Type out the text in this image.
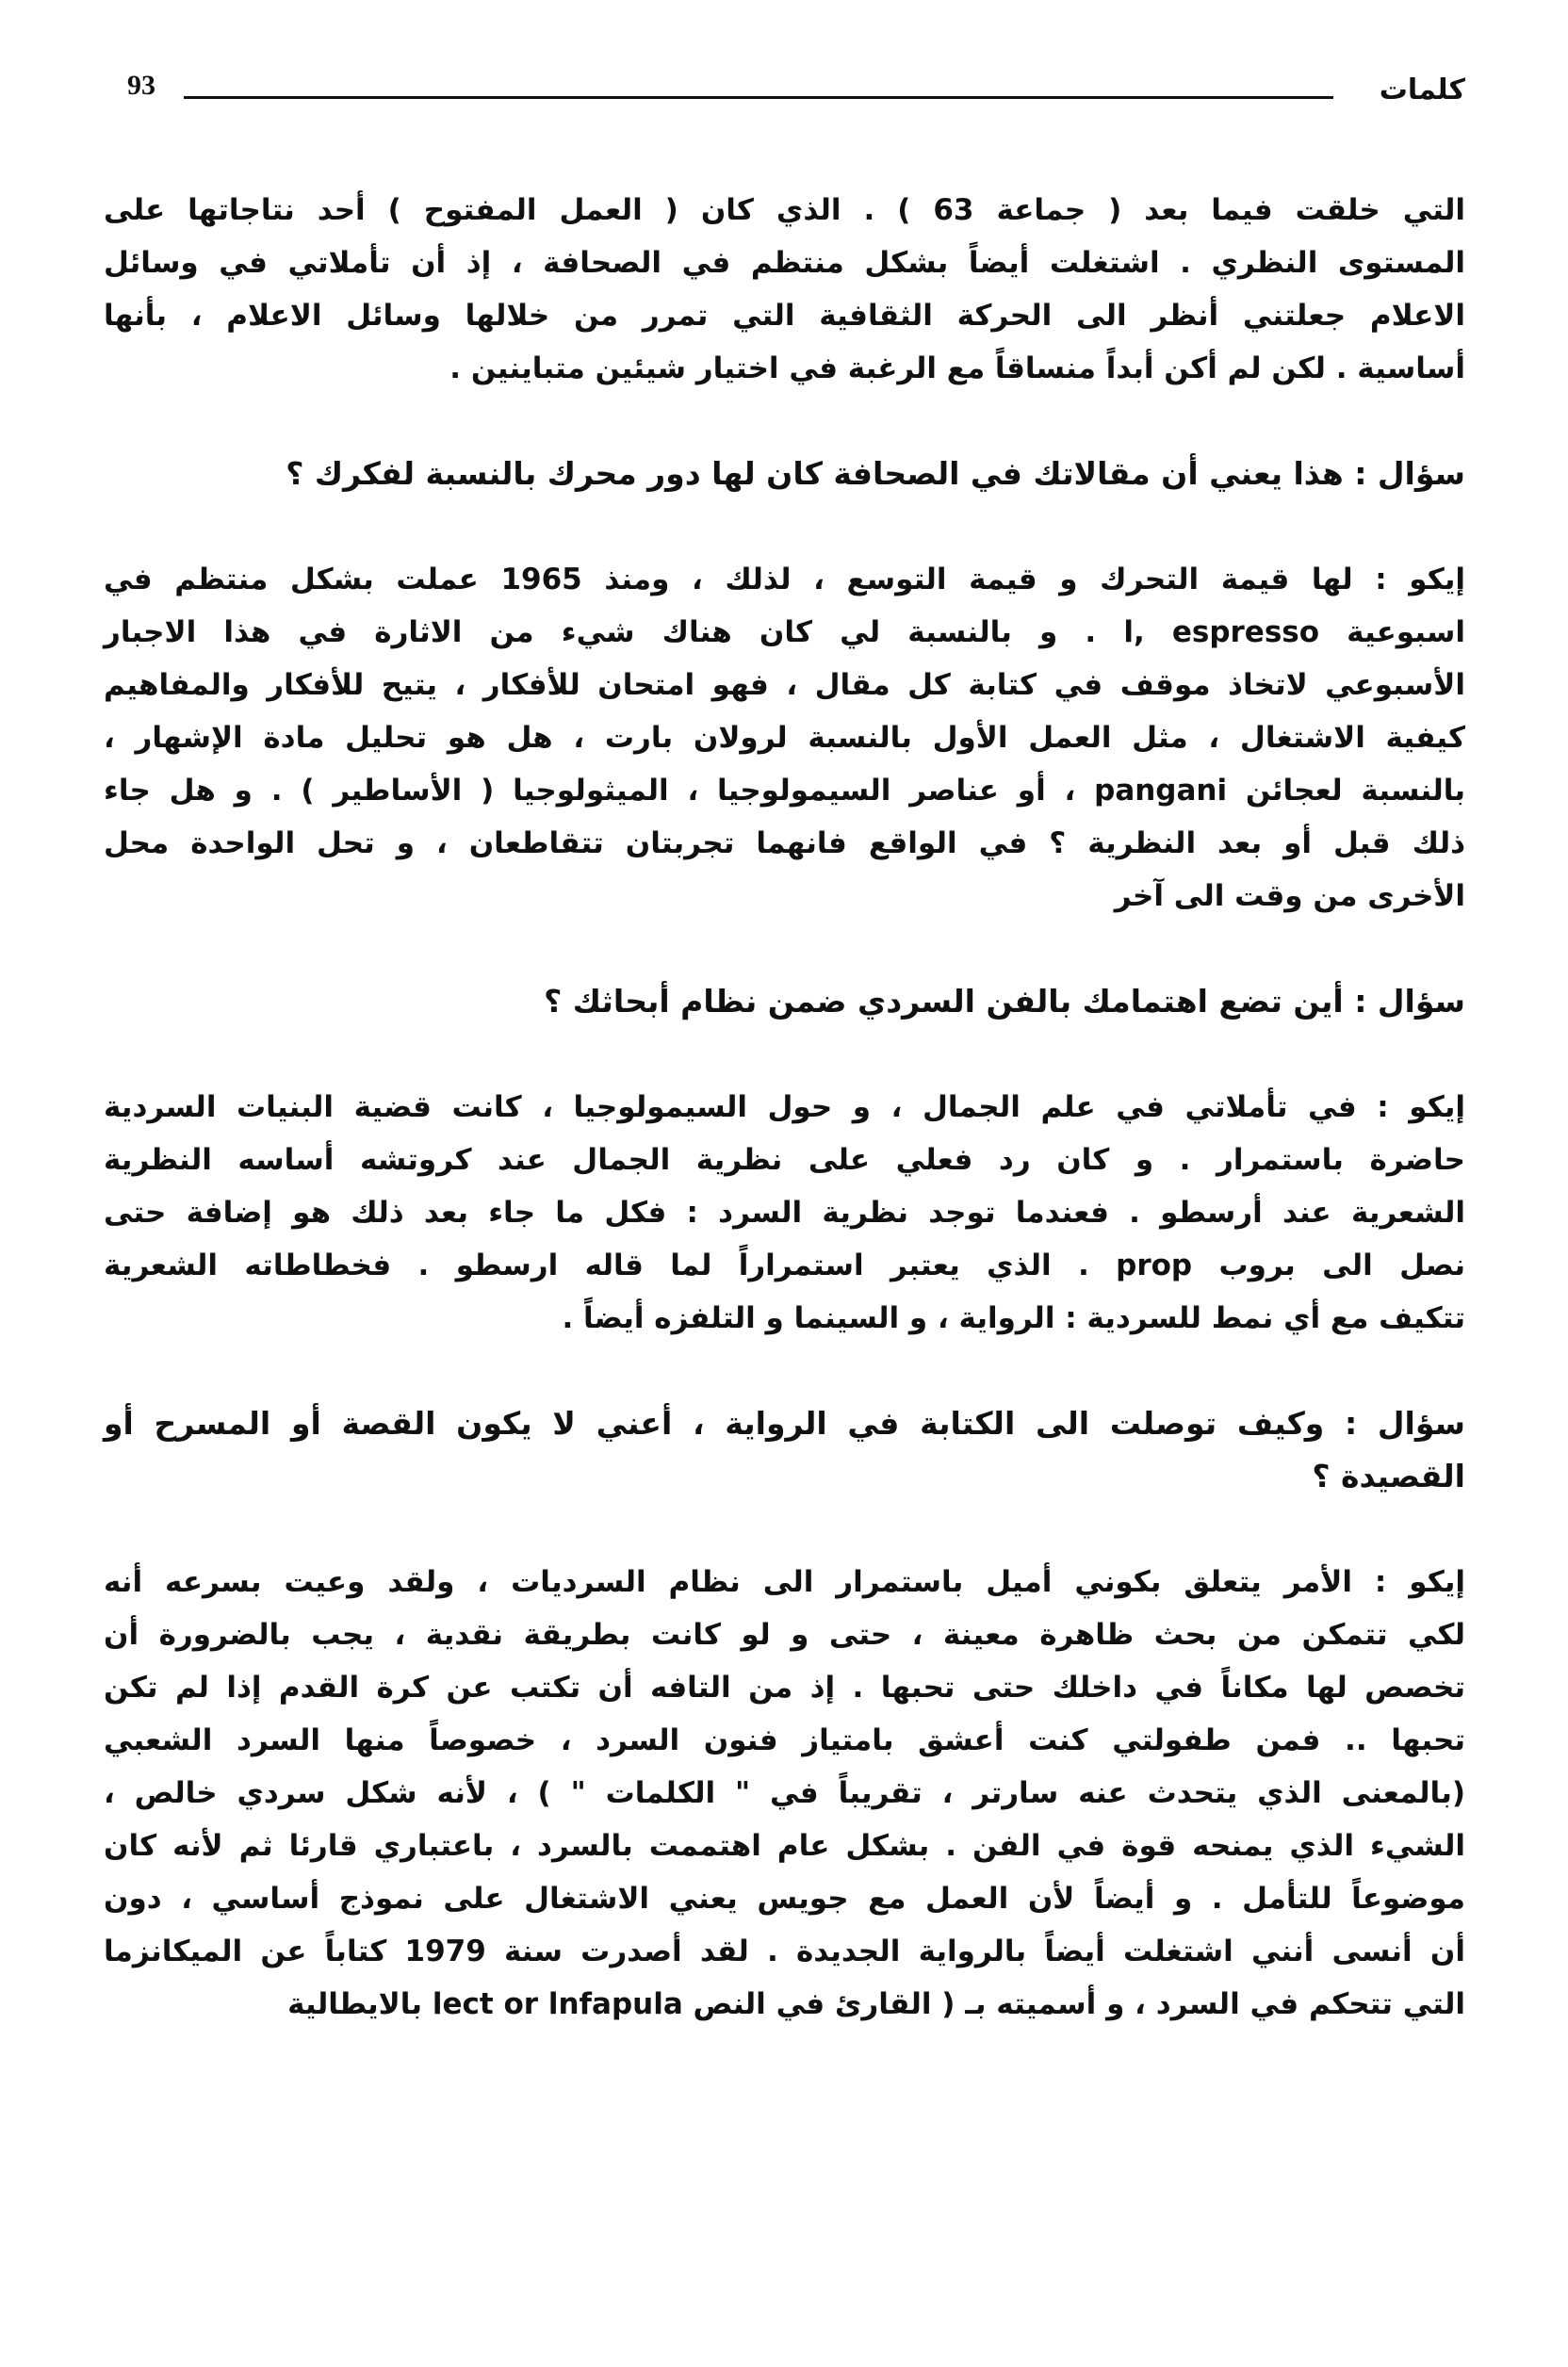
93	كلمات
التي خلقت فيما بعد ( جماعة 63 ) . الذي كان ( العمل المفتوح ) أحد نتاجاتها على
المستوى النظري . اشتغلت أيضاً بشكل منتظم في الصحافة ، إذ أن تأملاتي في وسائل
الاعلام جعلتني أنظر الى الحركة الثقافية التي تمرر من خلالها وسائل الاعلام ، بأنها
أساسية . لكن لم أكن أبداً منساقاً مع الرغبة في اختيار شيئين متباينين .
سؤال : هذا يعني أن مقالاتك في الصحافة كان لها دور محرك بالنسبة لفكرك ؟
إيكو : لها قيمة التحرك و قيمة التوسع ، لذلك ، ومنذ 1965 عملت بشكل منتظم في
اسبوعية l, espresso . و بالنسبة لي كان هناك شيء من الاثارة في هذا الاجبار
الأسبوعي لاتخاذ موقف في كتابة كل مقال ، فهو امتحان للأفكار ، يتيح للأفكار والمفاهيم
كيفية الاشتغال ، مثل العمل الأول بالنسبة لرولان بارت ، هل هو تحليل مادة الإشهار ،
بالنسبة لعجائن pangani ، أو عناصر السيمولوجيا ، الميثولوجيا ( الأساطير ) . و هل جاء
ذلك قبل أو بعد النظرية ؟ في الواقع فانهما تجربتان تتقاطعان ، و تحل الواحدة محل
الأخرى من وقت الى آخر
سؤال : أين تضع اهتمامك بالفن السردي ضمن نظام أبحاثك ؟
إيكو : في تأملاتي في علم الجمال ، و حول السيمولوجيا ، كانت قضية البنيات السردية
حاضرة باستمرار . و كان رد فعلي على نظرية الجمال عند كروتشه أساسه النظرية
الشعرية عند أرسطو . فعندما توجد نظرية السرد : فكل ما جاء بعد ذلك هو إضافة حتى
نصل الى بروب prop . الذي يعتبر استمراراً لما قاله ارسطو . فخطاطاته الشعرية
تتكيف مع أي نمط للسردية : الرواية ، و السينما و التلفزه أيضاً .
سؤال : وكيف توصلت الى الكتابة في الرواية ، أعني لا يكون القصة أو المسرح أو
القصيدة ؟
إيكو : الأمر يتعلق بكوني أميل باستمرار الى نظام السرديات ، ولقد وعيت بسرعه أنه
لكي تتمكن من بحث ظاهرة معينة ، حتى و لو كانت بطريقة نقدية ، يجب بالضرورة أن
تخصص لها مكاناً في داخلك حتى تحبها . إذ من التافه أن تكتب عن كرة القدم إذا لم تكن
تحبها .. فمن طفولتي كنت أعشق بامتياز فنون السرد ، خصوصاً منها السرد الشعبي
(بالمعنى الذي يتحدث عنه سارتر ، تقريباً في " الكلمات " ) ، لأنه شكل سردي خالص ،
الشيء الذي يمنحه قوة في الفن . بشكل عام اهتممت بالسرد ، باعتباري قارئا ثم لأنه كان
موضوعاً للتأمل . و أيضاً لأن العمل مع جويس يعني الاشتغال على نموذج أساسي ، دون
أن أنسى أنني اشتغلت أيضاً بالرواية الجديدة . لقد أصدرت سنة 1979 كتاباً عن الميكانزما
التي تتحكم في السرد ، و أسميته بـ ( القارئ في النص lect or lnfapula بالايطالية
